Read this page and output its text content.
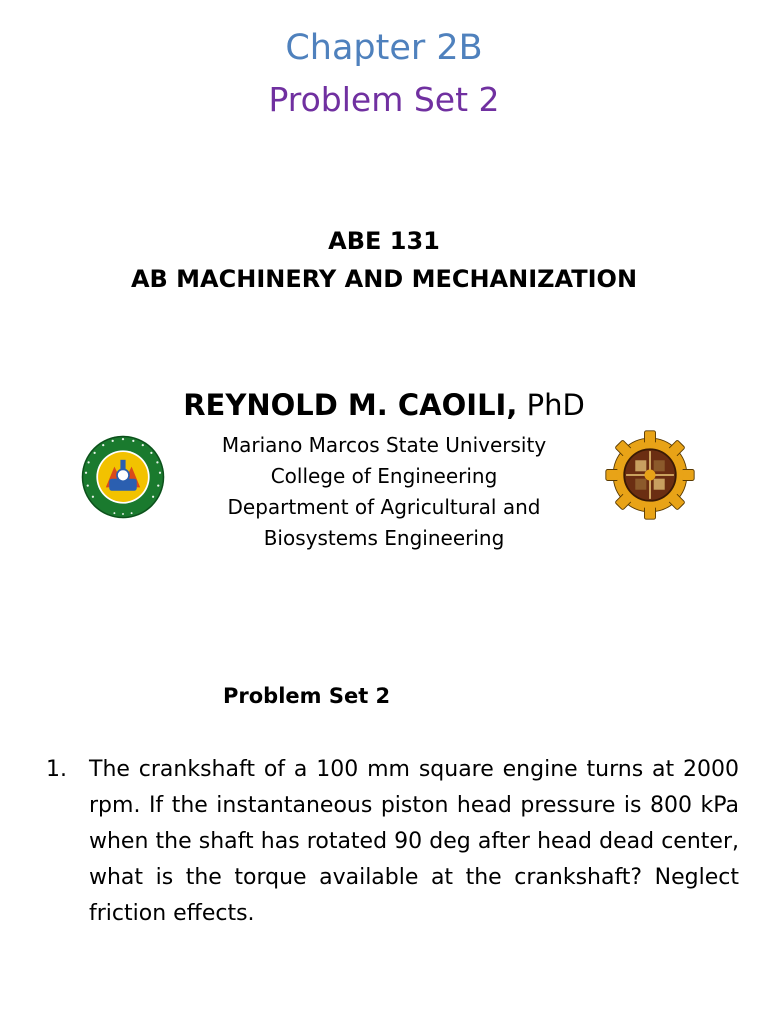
Chapter 2B
Problem Set 2
ABE 131
AB MACHINERY AND MECHANIZATION
REYNOLD M. CAOILI, PhD
Mariano Marcos State University
College of Engineering
Department of Agricultural and
Biosystems Engineering
Problem Set 2
1. The crankshaft of a 100 mm square engine turns at 2000 rpm. If the instantaneous piston head pressure is 800 kPa when the shaft has rotated 90 deg after head dead center, what is the torque available at the crankshaft? Neglect friction effects.
